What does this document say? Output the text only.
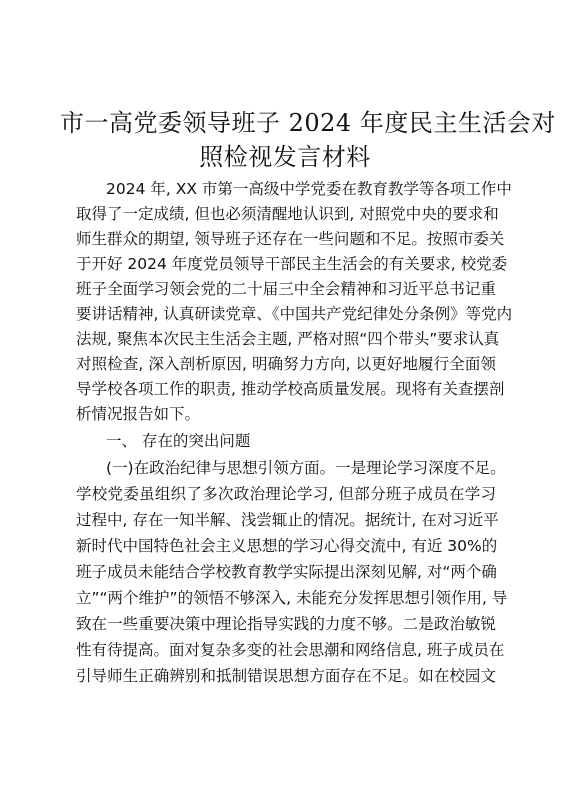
市一高党委领导班子 2024 年度民主生活会对
照检视发言材料
2024 年, XX 市第一高级中学党委在教育教学等各项工作中
取得了一定成绩, 但也必须清醒地认识到, 对照党中央的要求和
师生群众的期望, 领导班子还存在一些问题和不足。按照市委关
于开好 2024 年度党员领导干部民主生活会的有关要求, 校党委
班子全面学习领会党的二十届三中全会精神和习近平总书记重
要讲话精神, 认真研读党章、《中国共产党纪律处分条例》等党内
法规, 聚焦本次民主生活会主题, 严格对照“四个带头”要求认真
对照检查, 深入剖析原因, 明确努力方向, 以更好地履行全面领
导学校各项工作的职责, 推动学校高质量发展。现将有关查摆剖
析情况报告如下。
一、 存在的突出问题
(一)在政治纪律与思想引领方面。一是理论学习深度不足。
学校党委虽组织了多次政治理论学习, 但部分班子成员在学习
过程中, 存在一知半解、浅尝辄止的情况。据统计, 在对习近平
新时代中国特色社会主义思想的学习心得交流中, 有近 30%的
班子成员未能结合学校教育教学实际提出深刻见解, 对“两个确
立”“两个维护”的领悟不够深入, 未能充分发挥思想引领作用, 导
致在一些重要决策中理论指导实践的力度不够。二是政治敏锐
性有待提高。面对复杂多变的社会思潮和网络信息, 班子成员在
引导师生正确辨别和抵制错误思想方面存在不足。如在校园文
